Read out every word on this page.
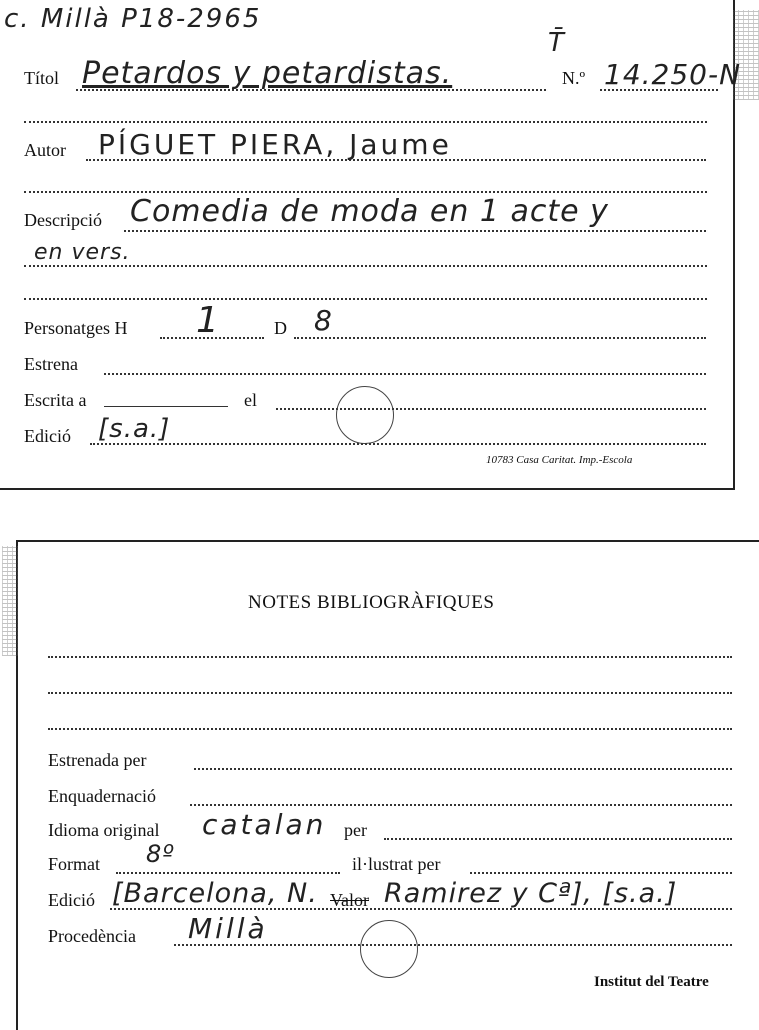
c. Millà P18-2965
Títol Petardos y petardistas.
T̄
N.º 14.250-N
Autor PÍGUET PIERA, Jaume
Descripció Comedia de moda en 1 acte y
en vers.
Personatges H 1	D 8
Estrena
Escrita a	el
Edició [s.a.]
10783 Casa Caritat. Imp.-Escola
NOTES BIBLIOGRÀFIQUES
Estrenada per
Enquadernació
Idioma original catalan per
Format 8º	il·lustrat per
Edició [Barcelona, N. Valor Ramirez y Cª], [s.a.]
Procedència Millà
Institut del Teatre
